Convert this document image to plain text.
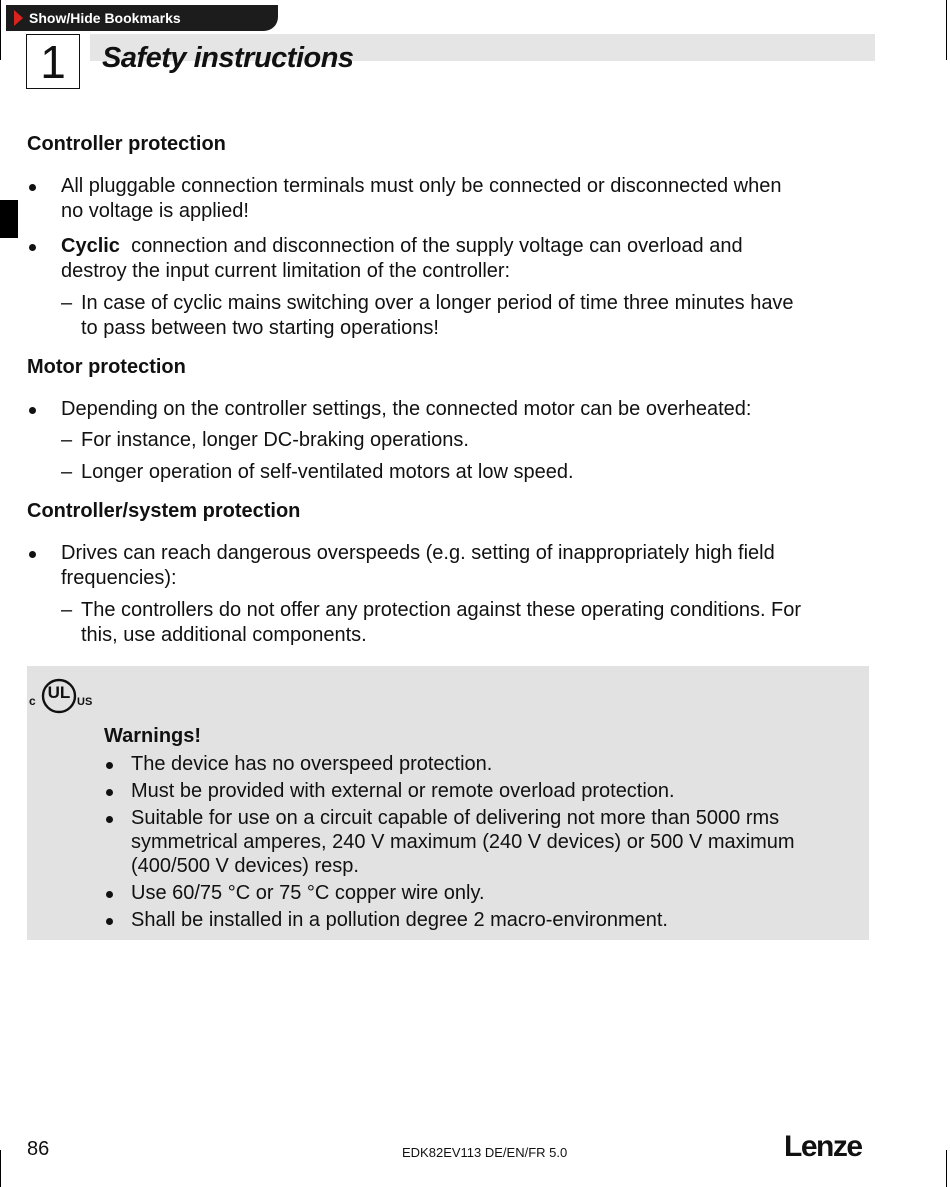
Show/Hide Bookmarks
1	Safety instructions
Controller protection
All pluggable connection terminals must only be connected or disconnected when
no voltage is applied!
Cyclic connection and disconnection of the supply voltage can overload and
destroy the input current limitation of the controller:
– In case of cyclic mains switching over a longer period of time three minutes have
to pass between two starting operations!
Motor protection
Depending on the controller settings, the connected motor can be overheated:
– For instance, longer DC-braking operations.
– Longer operation of self-ventilated motors at low speed.
Controller/system protection
Drives can reach dangerous overspeeds (e.g. setting of inappropriately high field
frequencies):
– The controllers do not offer any protection against these operating conditions. For
this, use additional components.
UL
c	US
Warnings!
The device has no overspeed protection.
Must be provided with external or remote overload protection.
Suitable for use on a circuit capable of delivering not more than 5000 rms
symmetrical amperes, 240 V maximum (240 V devices) or 500 V maximum
(400/500 V devices) resp.
Use 60/75 °C or 75 °C copper wire only.
Shall be installed in a pollution degree 2 macro-environment.
86	EDK82EV113 DE/EN/FR 5.0	Lenze
